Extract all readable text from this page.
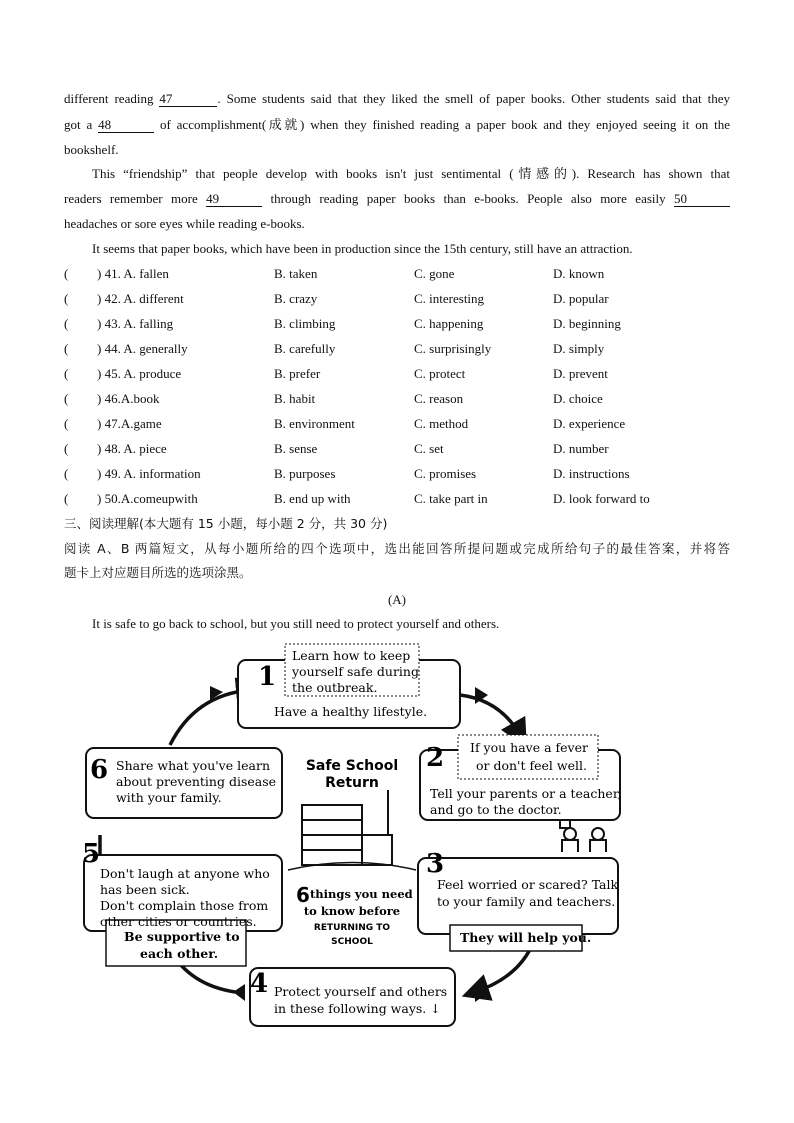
different reading 47	. Some students said that they liked the smell of paper books. Other students said that they
got a 48	of accomplishment(成就) when they finished reading a paper book and they enjoyed seeing it on the
bookshelf.
This “friendship” that people develop with books isn't just sentimental (情感的). Research has shown that
readers remember more 49	through reading paper books than e-books. People also more easily 50
headaches or sore eyes while reading e-books.
It seems that paper books, which have been in production since the 15th century, still have an attraction.
( ) 41. A. fallen	B. taken	C. gone	D. known
( ) 42. A. different	B. crazy	C. interesting	D. popular
( ) 43. A. falling	B. climbing	C. happening	D. beginning
( ) 44. A. generally	B. carefully	C. surprisingly	D. simply
( ) 45. A. produce	B. prefer	C. protect	D. prevent
( ) 46.A.book	B. habit	C. reason	D. choice
( ) 47.A.game	B. environment	C. method	D. experience
( ) 48. A. piece	B. sense	C. set	D. number
( ) 49. A. information	B. purposes	C. promises	D. instructions
( ) 50.A.comeupwith	B. end up with	C. take part in	D. look forward to
三、阅读理解(本大题有 15 小题，每小题 2 分，共 30 分)
阅读 A、B 两篇短文，从每小题所给的四个选项中，选出能回答所提问题或完成所给句子的最佳答案，并将答
题卡上对应题目所选的选项涂黑。
(A)
It is safe to go back to school, but you still need to protect yourself and others.
1
Learn how to keep
yourself safe during
the outbreak.
Have a healthy lifestyle.
2 If you have a fever
or don't feel well.
Tell your parents or a teacher,
and go to the doctor.
3
Feel worried or scared? Talk
to your family and teachers.
They will help you.
4 Protect yourself and others
in these following ways. ↓
5
Don't laugh at anyone who
has been sick.
Don't complain those from
other cities or countries.
Be supportive to
each other.
6 Share what you've learn
about preventing disease
with your family.
Safe School
Return
6 things you need
to know before
RETURNING TO
SCHOOL
